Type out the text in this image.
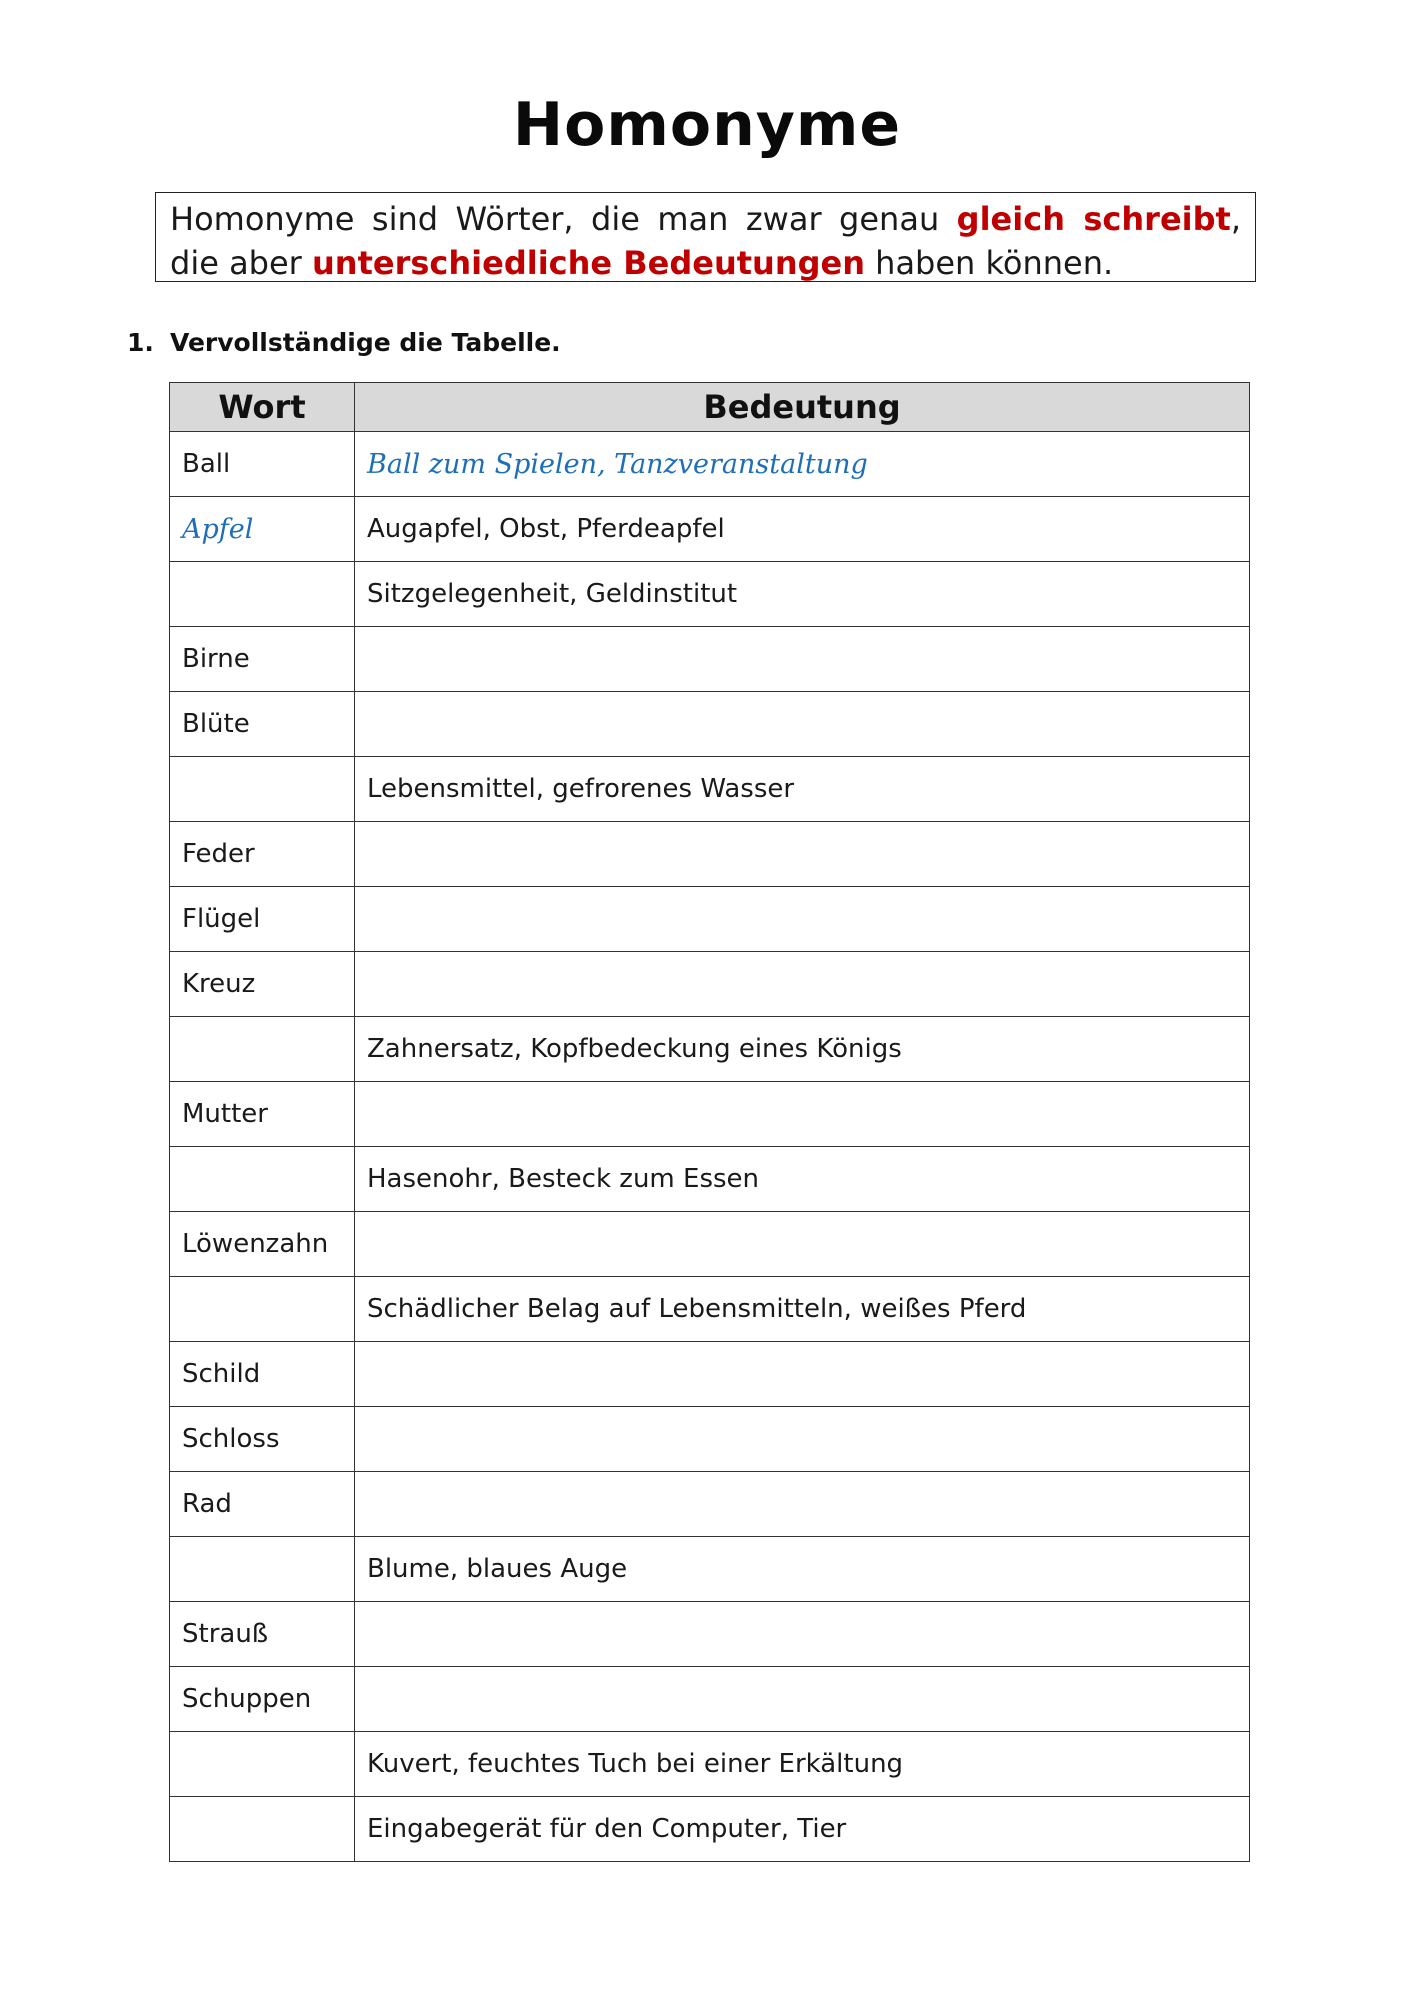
Homonyme
Homonyme sind Wörter, die man zwar genau gleich schreibt, die aber unterschiedliche Bedeutungen haben können.
1. Vervollständige die Tabelle.
Wort	Bedeutung
Ball	Ball zum Spielen, Tanzveranstaltung
Apfel	Augapfel, Obst, Pferdeapfel
	Sitzgelegenheit, Geldinstitut
Birne	
Blüte	
	Lebensmittel, gefrorenes Wasser
Feder	
Flügel	
Kreuz	
	Zahnersatz, Kopfbedeckung eines Königs
Mutter	
	Hasenohr, Besteck zum Essen
Löwenzahn	
	Schädlicher Belag auf Lebensmitteln, weißes Pferd
Schild	
Schloss	
Rad	
	Blume, blaues Auge
Strauß	
Schuppen	
	Kuvert, feuchtes Tuch bei einer Erkältung
	Eingabegerät für den Computer, Tier
